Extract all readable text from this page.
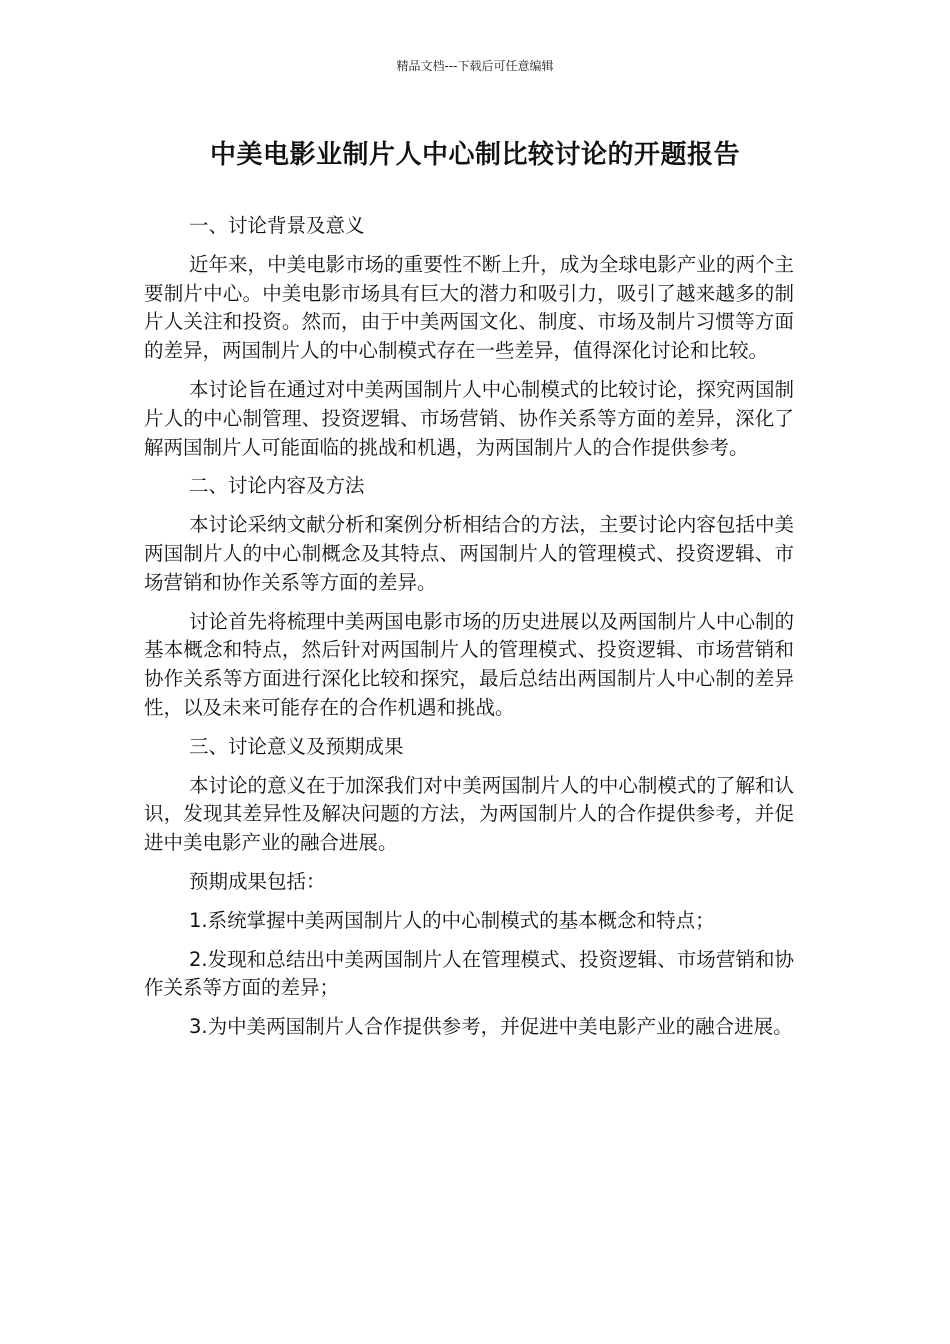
精品文档---下载后可任意编辑
中美电影业制片人中心制比较讨论的开题报告

一、讨论背景及意义

近年来，中美电影市场的重要性不断上升，成为全球电影产业的两个主要制片中心。中美电影市场具有巨大的潜力和吸引力，吸引了越来越多的制片人关注和投资。然而，由于中美两国文化、制度、市场及制片习惯等方面的差异，两国制片人的中心制模式存在一些差异，值得深化讨论和比较。

本讨论旨在通过对中美两国制片人中心制模式的比较讨论，探究两国制片人的中心制管理、投资逻辑、市场营销、协作关系等方面的差异，深化了解两国制片人可能面临的挑战和机遇，为两国制片人的合作提供参考。

二、讨论内容及方法

本讨论采纳文献分析和案例分析相结合的方法，主要讨论内容包括中美两国制片人的中心制概念及其特点、两国制片人的管理模式、投资逻辑、市场营销和协作关系等方面的差异。

讨论首先将梳理中美两国电影市场的历史进展以及两国制片人中心制的基本概念和特点，然后针对两国制片人的管理模式、投资逻辑、市场营销和协作关系等方面进行深化比较和探究，最后总结出两国制片人中心制的差异性，以及未来可能存在的合作机遇和挑战。

三、讨论意义及预期成果

本讨论的意义在于加深我们对中美两国制片人的中心制模式的了解和认识，发现其差异性及解决问题的方法，为两国制片人的合作提供参考，并促进中美电影产业的融合进展。

预期成果包括：

1.系统掌握中美两国制片人的中心制模式的基本概念和特点；

2.发现和总结出中美两国制片人在管理模式、投资逻辑、市场营销和协作关系等方面的差异；

3.为中美两国制片人合作提供参考，并促进中美电影产业的融合进展。
